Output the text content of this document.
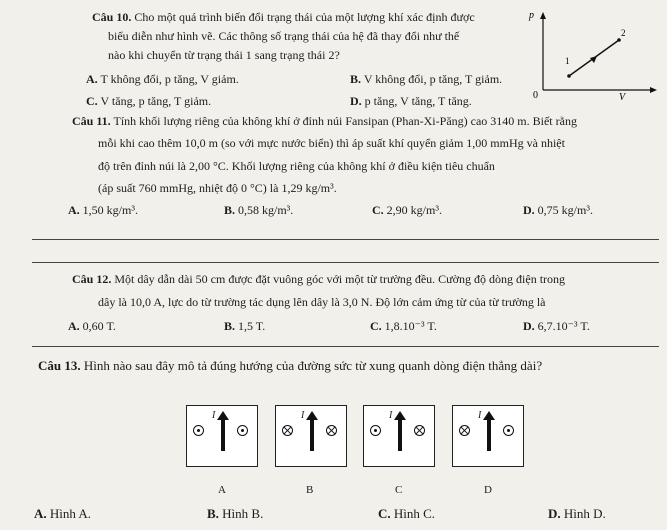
Câu 10. Cho một quá trình biến đổi trạng thái của một lượng khí xác định được
biểu diễn như hình vẽ. Các thông số trạng thái của hệ đã thay đổi như thế
nào khi chuyển từ trạng thái 1 sang trạng thái 2?
A. T không đổi, p tăng, V giảm.	B. V không đổi, p tăng, T giảm.
C. V tăng, p tăng, T giảm.	D. p tăng, V tăng, T tăng.
p
0	V
1
2
Câu 11. Tính khối lượng riêng của không khí ở đỉnh núi Fansipan (Phan-Xi-Păng) cao 3140 m. Biết rằng
mỗi khi cao thêm 10,0 m (so với mực nước biển) thì áp suất khí quyển giảm 1,00 mmHg và nhiệt
độ trên đỉnh núi là 2,00 °C. Khối lượng riêng của không khí ở điều kiện tiêu chuẩn
(áp suất 760 mmHg, nhiệt độ 0 °C) là 1,29 kg/m³.
A. 1,50 kg/m³.	B. 0,58 kg/m³.	C. 2,90 kg/m³.	D. 0,75 kg/m³.
Câu 12. Một dây dẫn dài 50 cm được đặt vuông góc với một từ trường đều. Cường độ dòng điện trong
dây là 10,0 A, lực do từ trường tác dụng lên dây là 3,0 N. Độ lớn cảm ứng từ của từ trường là
A. 0,60 T.	B. 1,5 T.	C. 1,8.10⁻³ T.	D. 6,7.10⁻³ T.
Câu 13. Hình nào sau đây mô tả đúng hướng của đường sức từ xung quanh dòng điện thẳng dài?
I	I	I	I
A	B	C	D
A. Hình A.	B. Hình B.	C. Hình C.	D. Hình D.
